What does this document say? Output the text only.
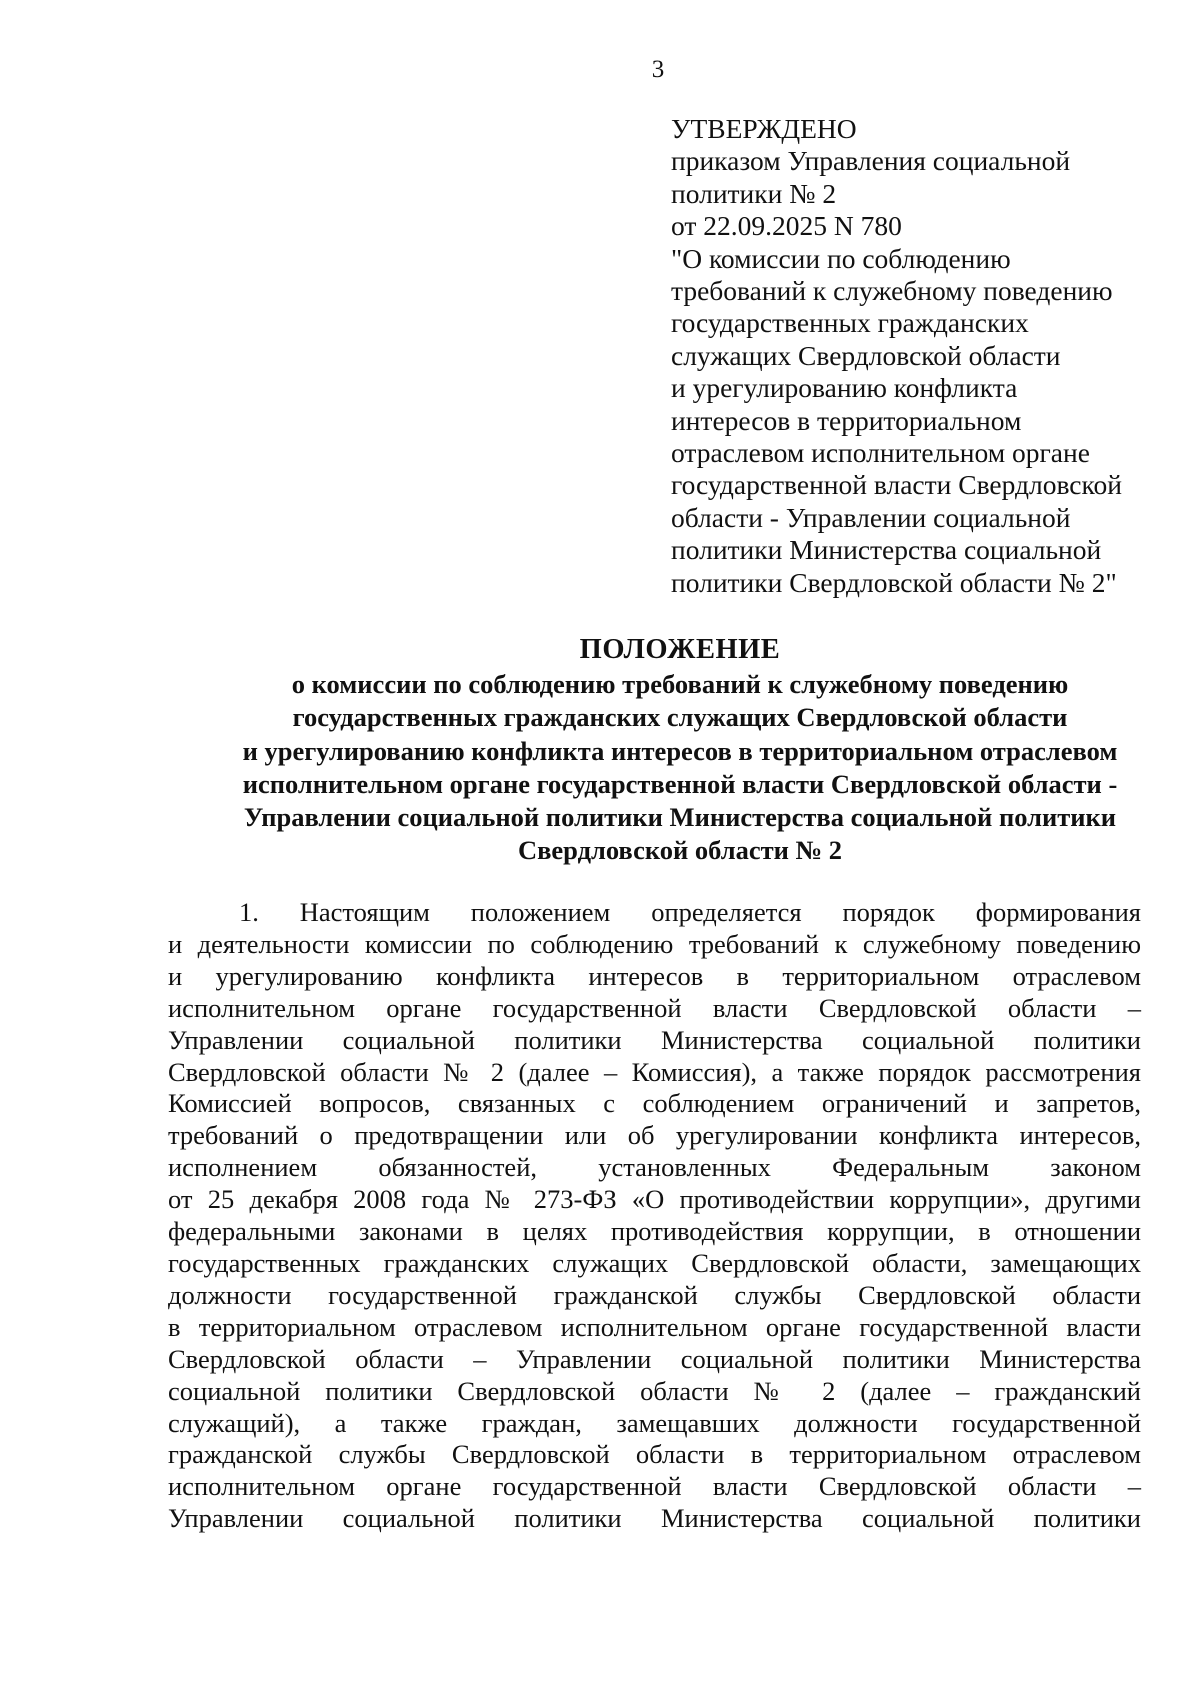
3
УТВЕРЖДЕНО
приказом Управления социальной
политики № 2
от 22.09.2025 N 780
"О комиссии по соблюдению
требований к служебному поведению
государственных гражданских
служащих Свердловской области
и урегулированию конфликта
интересов в территориальном
отраслевом исполнительном органе
государственной власти Свердловской
области - Управлении социальной
политики Министерства социальной
политики Свердловской области № 2"
ПОЛОЖЕНИЕ
о комиссии по соблюдению требований к служебному поведению
государственных гражданских служащих Свердловской области
и урегулированию конфликта интересов в территориальном отраслевом
исполнительном органе государственной власти Свердловской области -
Управлении социальной политики Министерства социальной политики
Свердловской области № 2
1. Настоящим положением определяется порядок формирования
и деятельности комиссии по соблюдению требований к служебному поведению
и урегулированию конфликта интересов в территориальном отраслевом
исполнительном органе государственной власти Свердловской области –
Управлении социальной политики Министерства социальной политики
Свердловской области № 2 (далее – Комиссия), а также порядок рассмотрения
Комиссией вопросов, связанных с соблюдением ограничений и запретов,
требований о предотвращении или об урегулировании конфликта интересов,
исполнением обязанностей, установленных Федеральным законом
от 25 декабря 2008 года № 273-ФЗ «О противодействии коррупции», другими
федеральными законами в целях противодействия коррупции, в отношении
государственных гражданских служащих Свердловской области, замещающих
должности государственной гражданской службы Свердловской области
в территориальном отраслевом исполнительном органе государственной власти
Свердловской области – Управлении социальной политики Министерства
социальной политики Свердловской области № 2 (далее – гражданский
служащий), а также граждан, замещавших должности государственной
гражданской службы Свердловской области в территориальном отраслевом
исполнительном органе государственной власти Свердловской области –
Управлении социальной политики Министерства социальной политики
